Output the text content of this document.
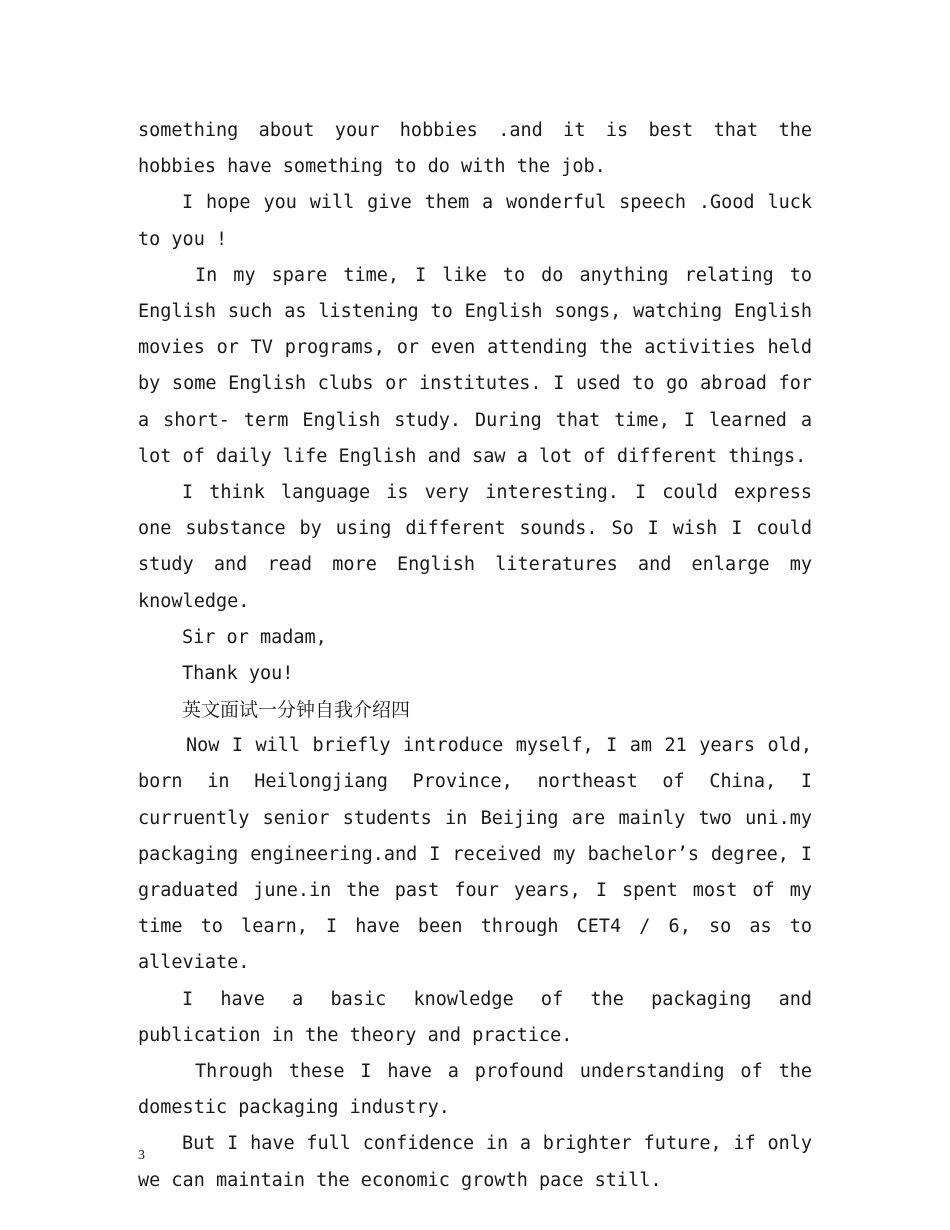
something about your hobbies .and it is best that the hobbies have something to do with the job.

I hope you will give them a wonderful speech .Good luck to you !

In my spare time, I like to do anything relating to English such as listening to English songs, watching English movies or TV programs, or even attending the activities held by some English clubs or institutes. I used to go abroad for a short- term English study. During that time, I learned a lot of daily life English and saw a lot of different things.

I think language is very interesting. I could express one substance by using different sounds. So I wish I could study and read more English literatures and enlarge my knowledge.

Sir or madam,

Thank you!

英文面试一分钟自我介绍四

Now I will briefly introduce myself, I am 21 years old, born in Heilongjiang Province, northeast of China, I curruently senior students in Beijing are mainly two uni.my packaging engineering.and I received my bachelor’s degree, I graduated june.in the past four years, I spent most of my time to learn, I have been through CET4 / 6, so as to alleviate.

I have a basic knowledge of the packaging and publication in the theory and practice.

Through these I have a profound understanding of the domestic packaging industry.

But I have full confidence in a brighter future, if only we can maintain the economic growth pace still.

3
